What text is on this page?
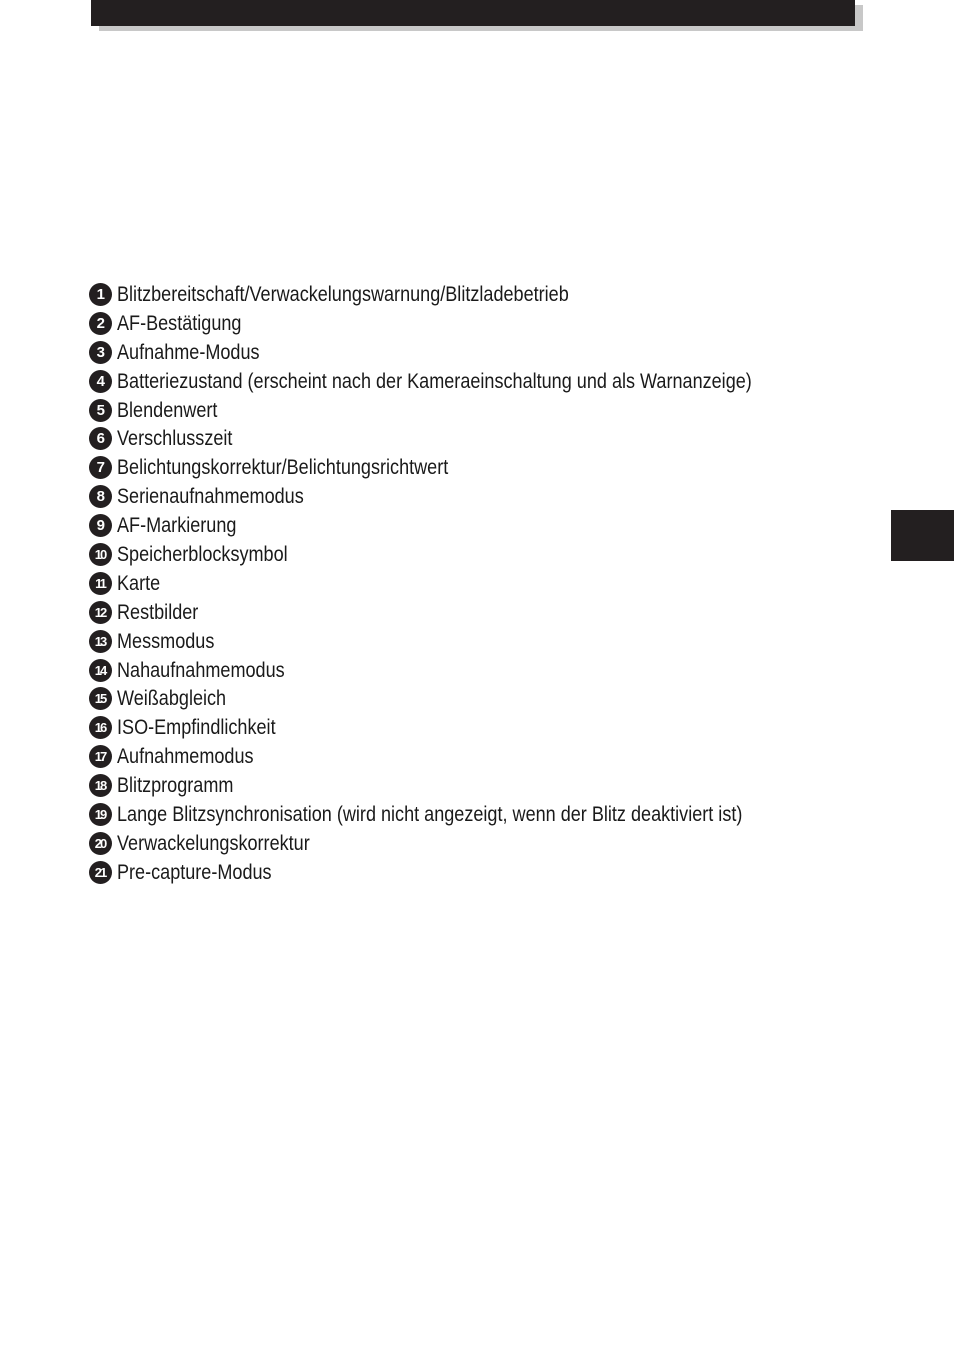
1 Blitzbereitschaft/Verwackelungswarnung/Blitzladebetrieb
2 AF-Bestätigung
3 Aufnahme-Modus
4 Batteriezustand (erscheint nach der Kameraeinschaltung und als Warnanzeige)
5 Blendenwert
6 Verschlusszeit
7 Belichtungskorrektur/Belichtungsrichtwert
8 Serienaufnahmemodus
9 AF-Markierung
10 Speicherblocksymbol
11 Karte
12 Restbilder
13 Messmodus
14 Nahaufnahmemodus
15 Weißabgleich
16 ISO-Empfindlichkeit
17 Aufnahmemodus
18 Blitzprogramm
19 Lange Blitzsynchronisation (wird nicht angezeigt, wenn der Blitz deaktiviert ist)
20 Verwackelungskorrektur
21 Pre-capture-Modus
